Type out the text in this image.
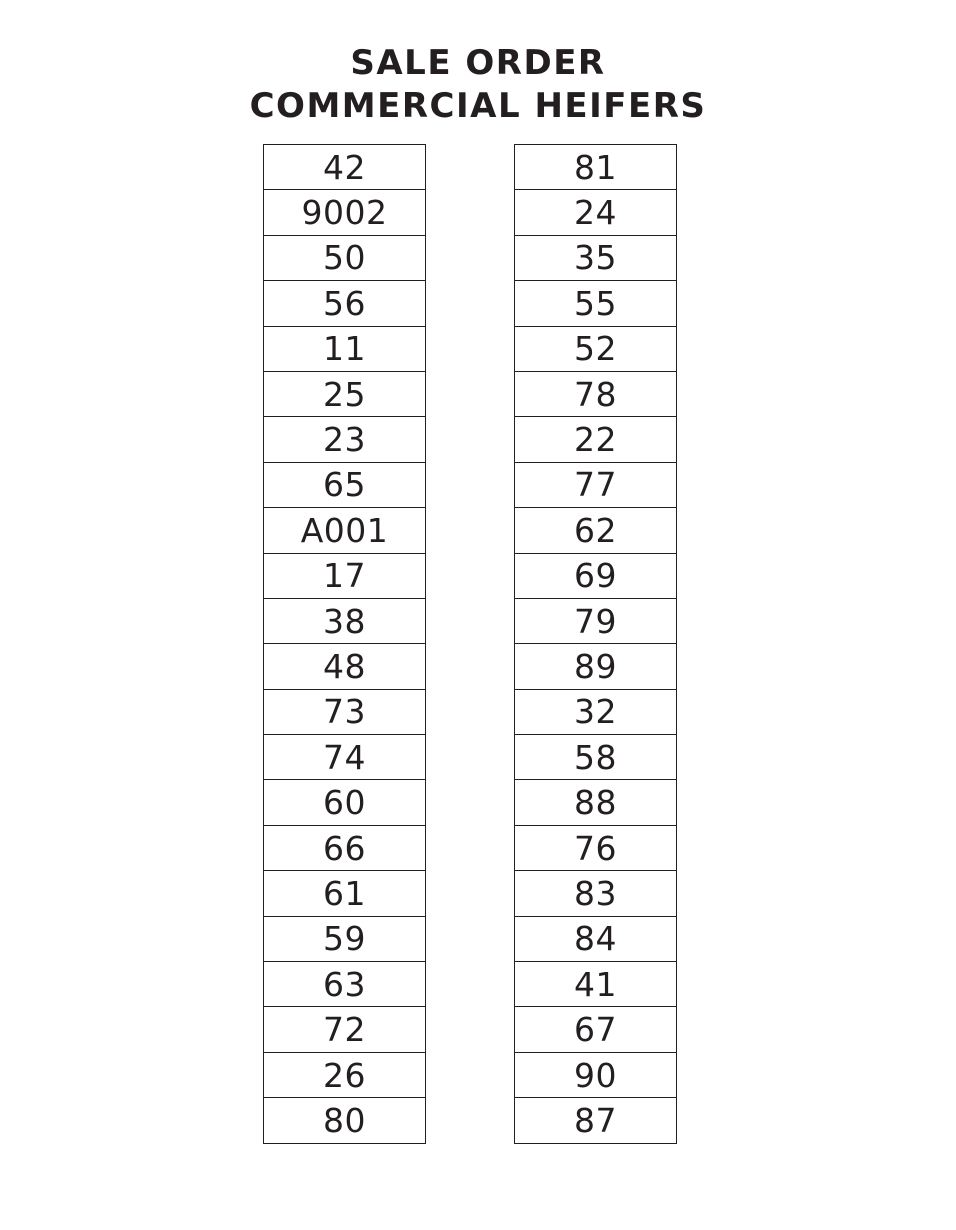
SALE ORDER
COMMERCIAL HEIFERS
42
9002
50
56
11
25
23
65
A001
17
38
48
73
74
60
66
61
59
63
72
26
80
81
24
35
55
52
78
22
77
62
69
79
89
32
58
88
76
83
84
41
67
90
87
